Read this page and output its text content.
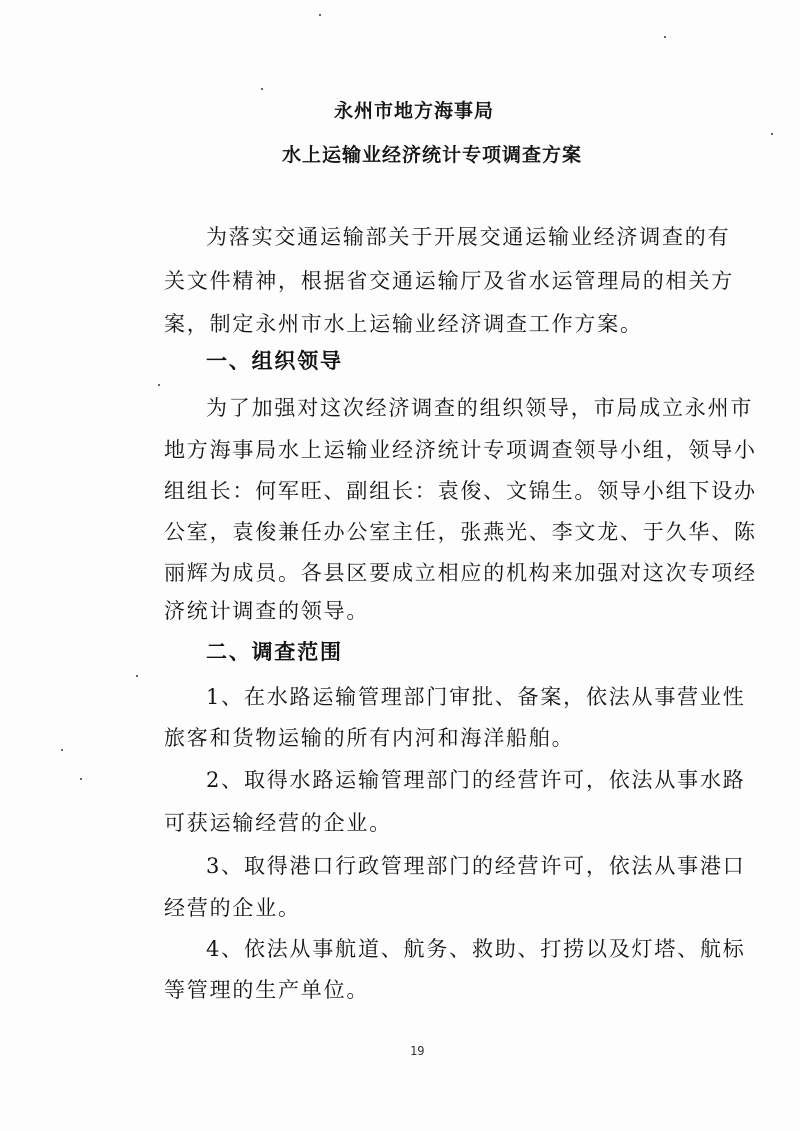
永州市地方海事局
水上运输业经济统计专项调查方案
为落实交通运输部关于开展交通运输业经济调查的有
关文件精神，根据省交通运输厅及省水运管理局的相关方
案，制定永州市水上运输业经济调查工作方案。
一、组织领导
为了加强对这次经济调查的组织领导，市局成立永州市
地方海事局水上运输业经济统计专项调查领导小组，领导小
组组长：何军旺、副组长：袁俊、文锦生。领导小组下设办
公室，袁俊兼任办公室主任，张燕光、李文龙、于久华、陈
丽辉为成员。各县区要成立相应的机构来加强对这次专项经
济统计调查的领导。
二、调查范围
1、在水路运输管理部门审批、备案，依法从事营业性
旅客和货物运输的所有内河和海洋船舶。
2、取得水路运输管理部门的经营许可，依法从事水路
可获运输经营的企业。
3、取得港口行政管理部门的经营许可，依法从事港口
经营的企业。
4、依法从事航道、航务、救助、打捞以及灯塔、航标
等管理的生产单位。
19
